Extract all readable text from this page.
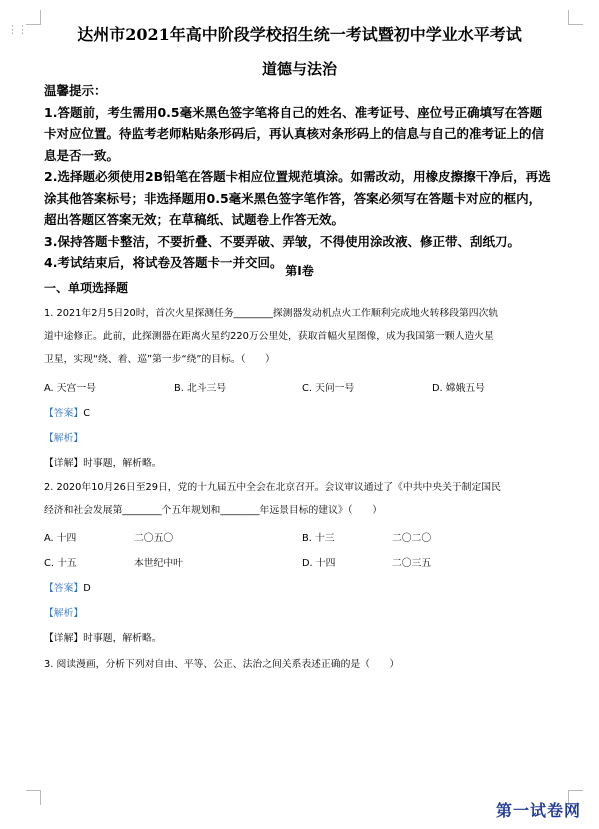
⋮⋮	达州市2021年高中阶段学校招生统一考试暨初中学业水平考试
道德与法治
温馨提示：
1.答题前，考生需用0.5毫米黑色签字笔将自己的姓名、准考证号、座位号正确填写在答题
卡对应位置。待监考老师粘贴条形码后，再认真核对条形码上的信息与自己的准考证上的信
息是否一致。
2.选择题必须使用2B铅笔在答题卡相应位置规范填涂。如需改动，用橡皮擦擦干净后，再选
涂其他答案标号；非选择题用0.5毫米黑色签字笔作答，答案必须写在答题卡对应的框内，
超出答题区答案无效；在草稿纸、试题卷上作答无效。
3.保持答题卡整洁，不要折叠、不要弄破、弄皱，不得使用涂改液、修正带、刮纸刀。
4.考试结束后，将试卷及答题卡一并交回。
第Ⅰ卷
一、单项选择题
1. 2021年2月5日20时，首次火星探测任务________探测器发动机点火工作顺利完成地火转移段第四次轨
道中途修正。此前，此探测器在距离火星约220万公里处，获取首幅火星图像，成为我国第一颗人造火星
卫星，实现“绕、着、巡”第一步“绕”的目标。（　　）
A. 天宫一号	B. 北斗三号	C. 天问一号	D. 嫦娥五号
【答案】C
【解析】
【详解】时事题，解析略。
2. 2020年10月26日至29日，党的十九届五中全会在北京召开。会议审议通过了《中共中央关于制定国民
经济和社会发展第________个五年规划和________年远景目标的建议》（　　）
A. 十四	二〇五〇	B. 十三	二〇二〇
C. 十五	本世纪中叶	D. 十四	二〇三五
【答案】D
【解析】
【详解】时事题，解析略。
3. 阅读漫画，分析下列对自由、平等、公正、法治之间关系表述正确的是（　　）
第一试卷网
